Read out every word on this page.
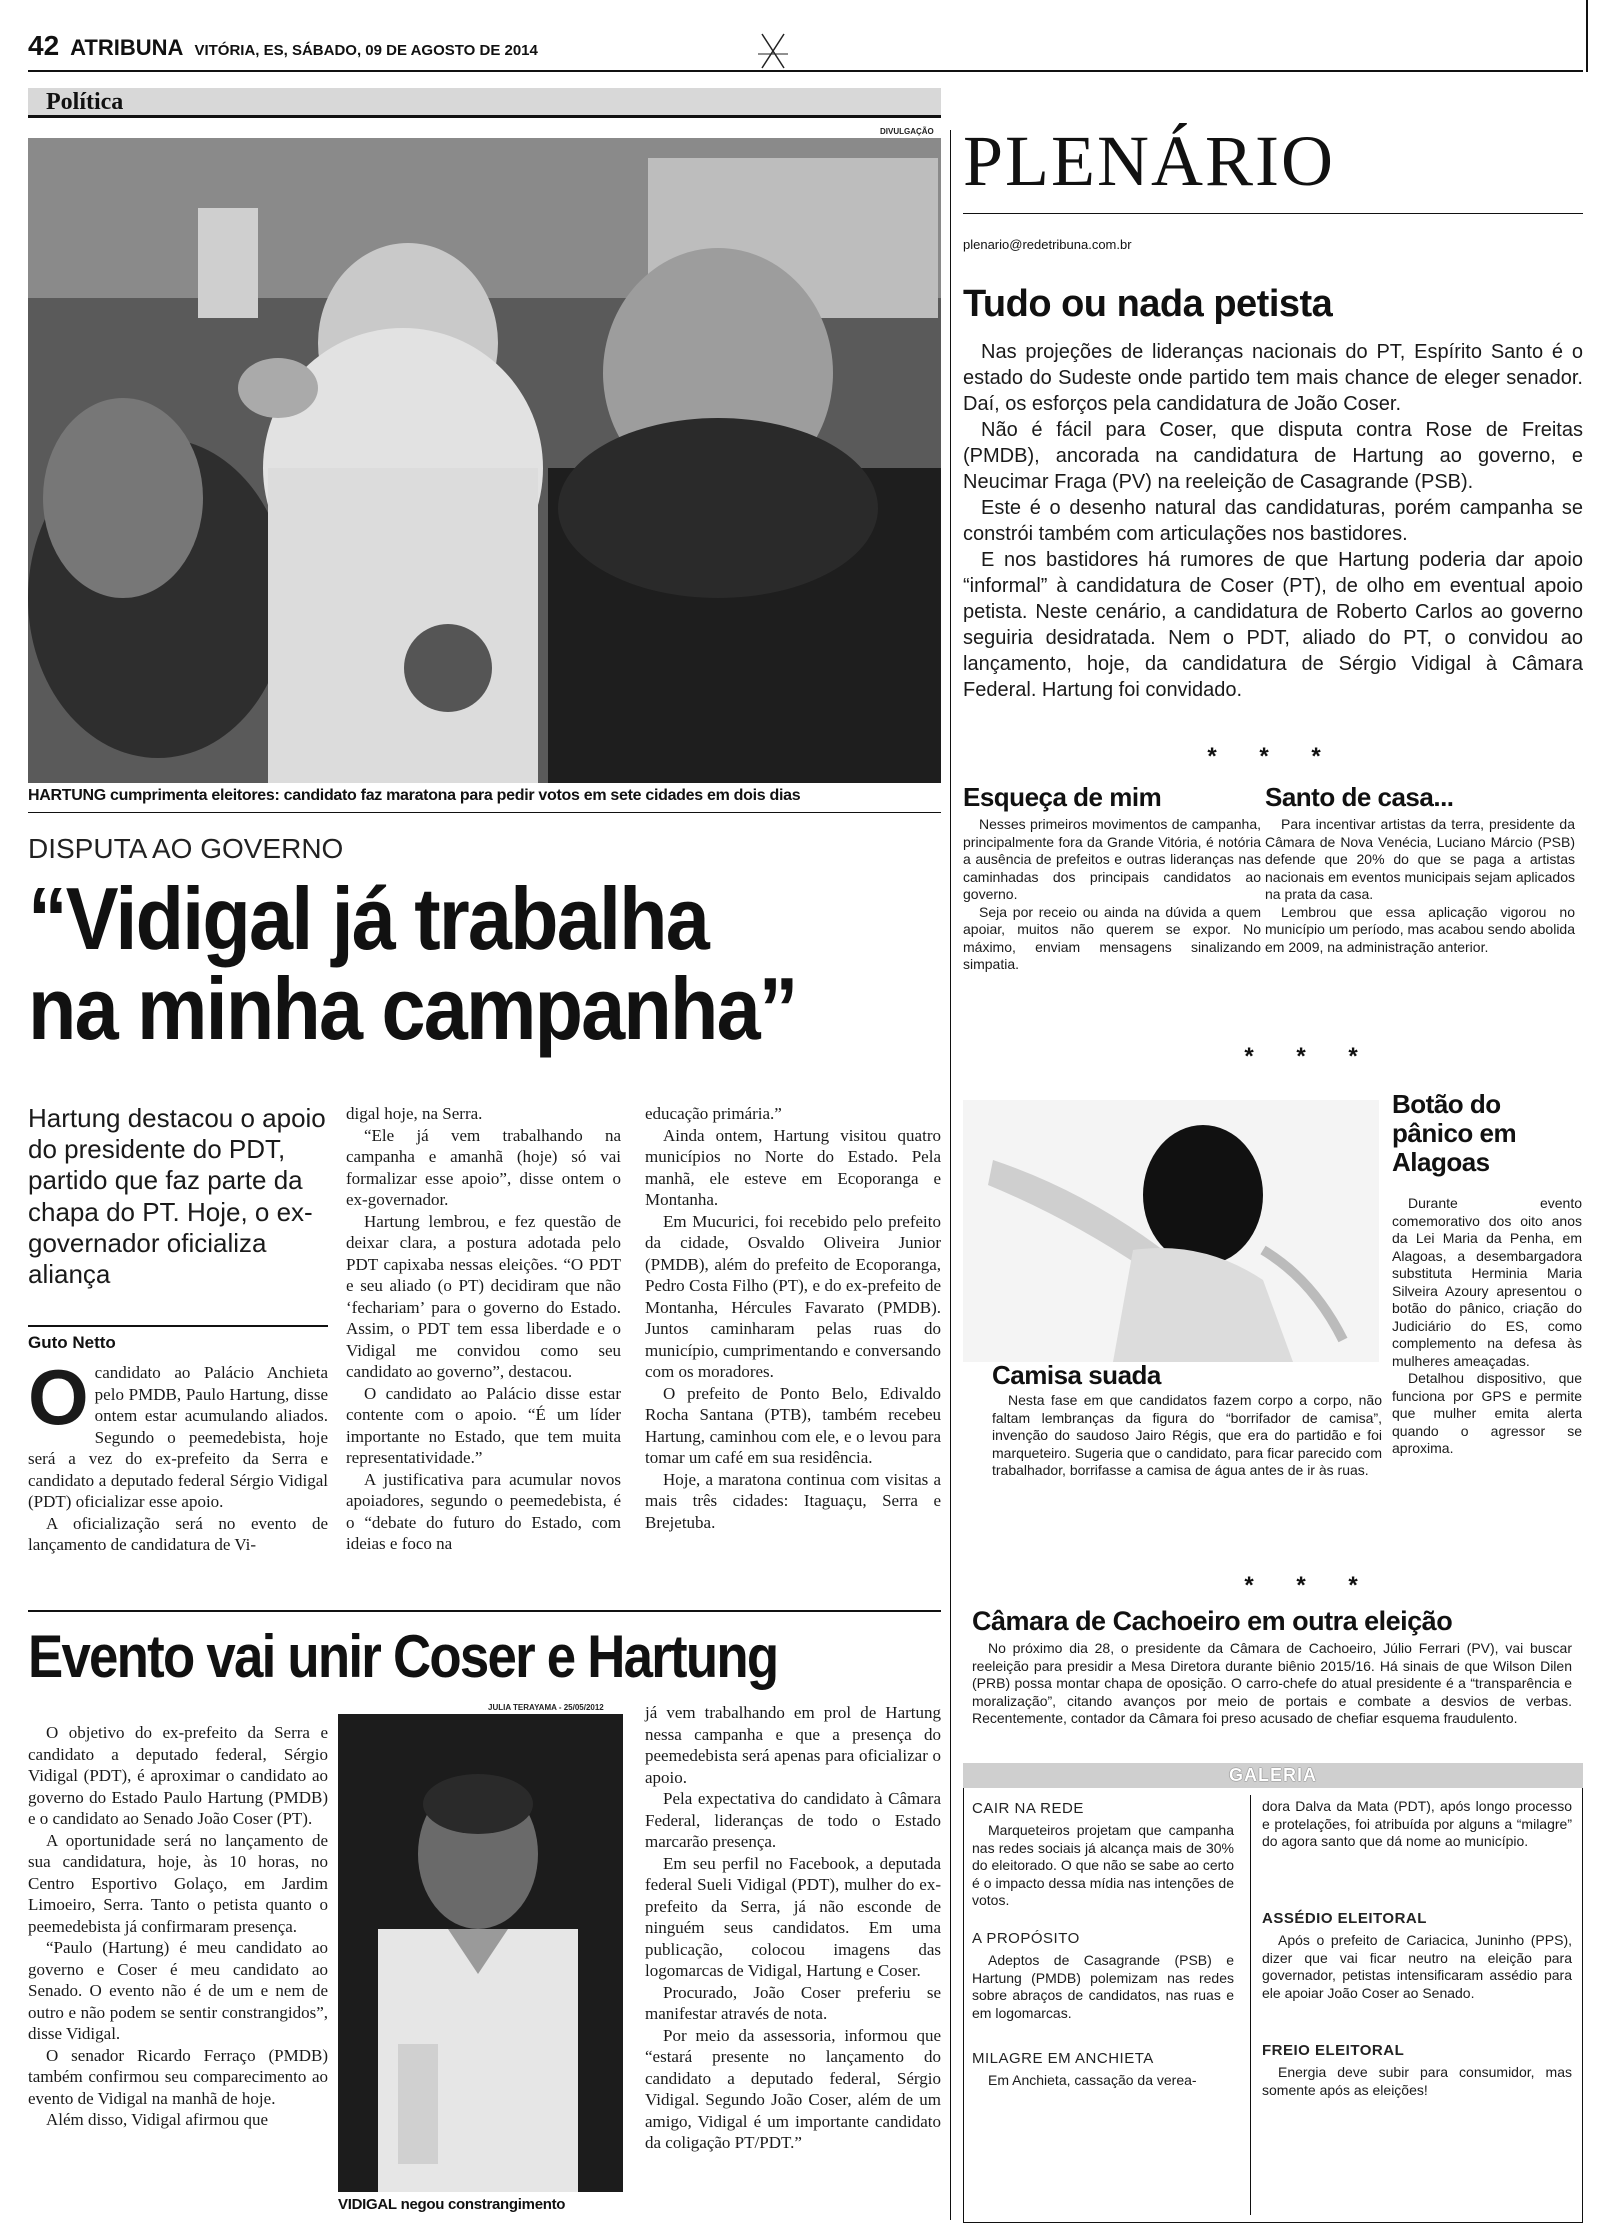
42 ATRIBUNA VITÓRIA, ES, SÁBADO, 09 DE AGOSTO DE 2014
Política
DIVULGAÇÃO
HARTUNG cumprimenta eleitores: candidato faz maratona para pedir votos em sete cidades em dois dias
DISPUTA AO GOVERNO
“Vidigal já trabalha
na minha campanha”
Hartung destacou o apoio do presidente do PDT, partido que faz parte da chapa do PT. Hoje, o ex-governador oficializa aliança
Guto Netto

Ocandidato ao Palácio Anchieta pelo PMDB, Paulo Hartung, disse ontem estar acumulando aliados. Segundo o peemedebista, hoje será a vez do ex-prefeito da Serra e candidato a deputado federal Sérgio Vidigal (PDT) oficializar esse apoio.

A oficialização será no evento de lançamento de candidatura de Vi-

digal hoje, na Serra.

“Ele já vem trabalhando na campanha e amanhã (hoje) só vai formalizar esse apoio”, disse ontem o ex-governador.

Hartung lembrou, e fez questão de deixar clara, a postura adotada pelo PDT capixaba nessas eleições. “O PDT e seu aliado (o PT) decidiram que não ‘fechariam’ para o governo do Estado. Assim, o PDT tem essa liberdade e o Vidigal me convidou como seu candidato ao governo”, destacou.

O candidato ao Palácio disse estar contente com o apoio. “É um líder importante no Estado, que tem muita representatividade.”

A justificativa para acumular novos apoiadores, segundo o peemedebista, é o “debate do futuro do Estado, com ideias e foco na

educação primária.”

Ainda ontem, Hartung visitou quatro municípios no Norte do Estado. Pela manhã, ele esteve em Ecoporanga e Montanha.

Em Mucurici, foi recebido pelo prefeito da cidade, Osvaldo Oliveira Junior (PMDB), além do prefeito de Ecoporanga, Pedro Costa Filho (PT), e do ex-prefeito de Montanha, Hércules Favarato (PMDB). Juntos caminharam pelas ruas do município, cumprimentando e conversando com os moradores.

O prefeito de Ponto Belo, Edivaldo Rocha Santana (PTB), também recebeu Hartung, caminhou com ele, e o levou para tomar um café em sua residência.

Hoje, a maratona continua com visitas a mais três cidades: Itaguaçu, Serra e Brejetuba.

Evento vai unir Coser e Hartung

O objetivo do ex-prefeito da Serra e candidato a deputado federal, Sérgio Vidigal (PDT), é aproximar o candidato ao governo do Estado Paulo Hartung (PMDB) e o candidato ao Senado João Coser (PT).

A oportunidade será no lançamento de sua candidatura, hoje, às 10 horas, no Centro Esportivo Golaço, em Jardim Limoeiro, Serra. Tanto o petista quanto o peemedebista já confirmaram presença.

“Paulo (Hartung) é meu candidato ao governo e Coser é meu candidato ao Senado. O evento não é de um e nem de outro e não podem se sentir constrangidos”, disse Vidigal.

O senador Ricardo Ferraço (PMDB) também confirmou seu comparecimento ao evento de Vidigal na manhã de hoje.

Além disso, Vidigal afirmou que

JULIA TERAYAMA - 25/05/2012
VIDIGAL negou constrangimento

já vem trabalhando em prol de Hartung nessa campanha e que a presença do peemedebista será apenas para oficializar o apoio.

Pela expectativa do candidato à Câmara Federal, lideranças de todo o Estado marcarão presença.

Em seu perfil no Facebook, a deputada federal Sueli Vidigal (PDT), mulher do ex-prefeito da Serra, já não esconde de ninguém seus candidatos. Em uma publicação, colocou imagens das logomarcas de Vidigal, Hartung e Coser.

Procurado, João Coser preferiu se manifestar através de nota.

Por meio da assessoria, informou que “estará presente no lançamento do candidato a deputado federal, Sérgio Vidigal. Segundo João Coser, além de um amigo, Vidigal é um importante candidato da coligação PT/PDT.”

PLENÁRIO
plenario@redetribuna.com.br
Tudo ou nada petista

Nas projeções de lideranças nacionais do PT, Espírito Santo é o estado do Sudeste onde partido tem mais chance de eleger senador. Daí, os esforços pela candidatura de João Coser.

Não é fácil para Coser, que disputa contra Rose de Freitas (PMDB), ancorada na candidatura de Hartung ao governo, e Neucimar Fraga (PV) na reeleição de Casagrande (PSB).

Este é o desenho natural das candidaturas, porém campanha se constrói também com articulações nos bastidores.

E nos bastidores há rumores de que Hartung poderia dar apoio “informal” à candidatura de Coser (PT), de olho em eventual apoio petista. Neste cenário, a candidatura de Roberto Carlos ao governo seguiria desidratada. Nem o PDT, aliado do PT, o convidou ao lançamento, hoje, da candidatura de Sérgio Vidigal à Câmara Federal. Hartung foi convidado.

* * *
Esqueça de mim

Nesses primeiros movimentos de campanha, principalmente fora da Grande Vitória, é notória a ausência de prefeitos e outras lideranças nas caminhadas dos principais candidatos ao governo.

Seja por receio ou ainda na dúvida a quem apoiar, muitos não querem se expor. No máximo, enviam mensagens sinalizando simpatia.

Santo de casa...

Para incentivar artistas da terra, presidente da Câmara de Nova Venécia, Luciano Márcio (PSB) defende que 20% do que se paga a artistas nacionais em eventos municipais sejam aplicados na prata da casa.

Lembrou que essa aplicação vigorou no município um período, mas acabou sendo abolida em 2009, na administração anterior.

* * *
Botão do pânico em Alagoas

Durante evento comemorativo dos oito anos da Lei Maria da Penha, em Alagoas, a desembargadora substituta Herminia Maria Silveira Azoury apresentou o botão do pânico, criação do Judiciário do ES, como complemento na defesa às mulheres ameaçadas.

Detalhou dispositivo, que funciona por GPS e permite que mulher emita alerta quando o agressor se aproxima.

Camisa suada

Nesta fase em que candidatos fazem corpo a corpo, não faltam lembranças da figura do “borrifador de camisa”, invenção do saudoso Jairo Régis, que era do partidão e foi marqueteiro. Sugeria que o candidato, para ficar parecido com trabalhador, borrifasse a camisa de água antes de ir às ruas.

* * *
Câmara de Cachoeiro em outra eleição

No próximo dia 28, o presidente da Câmara de Cachoeiro, Júlio Ferrari (PV), vai buscar reeleição para presidir a Mesa Diretora durante biênio 2015/16. Há sinais de que Wilson Dilen (PRB) possa montar chapa de oposição. O carro-chefe do atual presidente é a “transparência e moralização”, citando avanços por meio de portais e combate a desvios de verbas. Recentemente, contador da Câmara foi preso acusado de chefiar esquema fraudulento.

GALERIA
CAIR NA REDE

Marqueteiros projetam que campanha nas redes sociais já alcança mais de 30% do eleitorado. O que não se sabe ao certo é o impacto dessa mídia nas intenções de votos.

A PROPÓSITO

Adeptos de Casagrande (PSB) e Hartung (PMDB) polemizam nas redes sobre abraços de candidatos, nas ruas e em logomarcas.

MILAGRE EM ANCHIETA

Em Anchieta, cassação da verea-

dora Dalva da Mata (PDT), após longo processo e protelações, foi atribuída por alguns a “milagre” do agora santo que dá nome ao município.

ASSÉDIO ELEITORAL

Após o prefeito de Cariacica, Juninho (PPS), dizer que vai ficar neutro na eleição para governador, petistas intensificaram assédio para ele apoiar João Coser ao Senado.

FREIO ELEITORAL

Energia deve subir para consumidor, mas somente após as eleições!
